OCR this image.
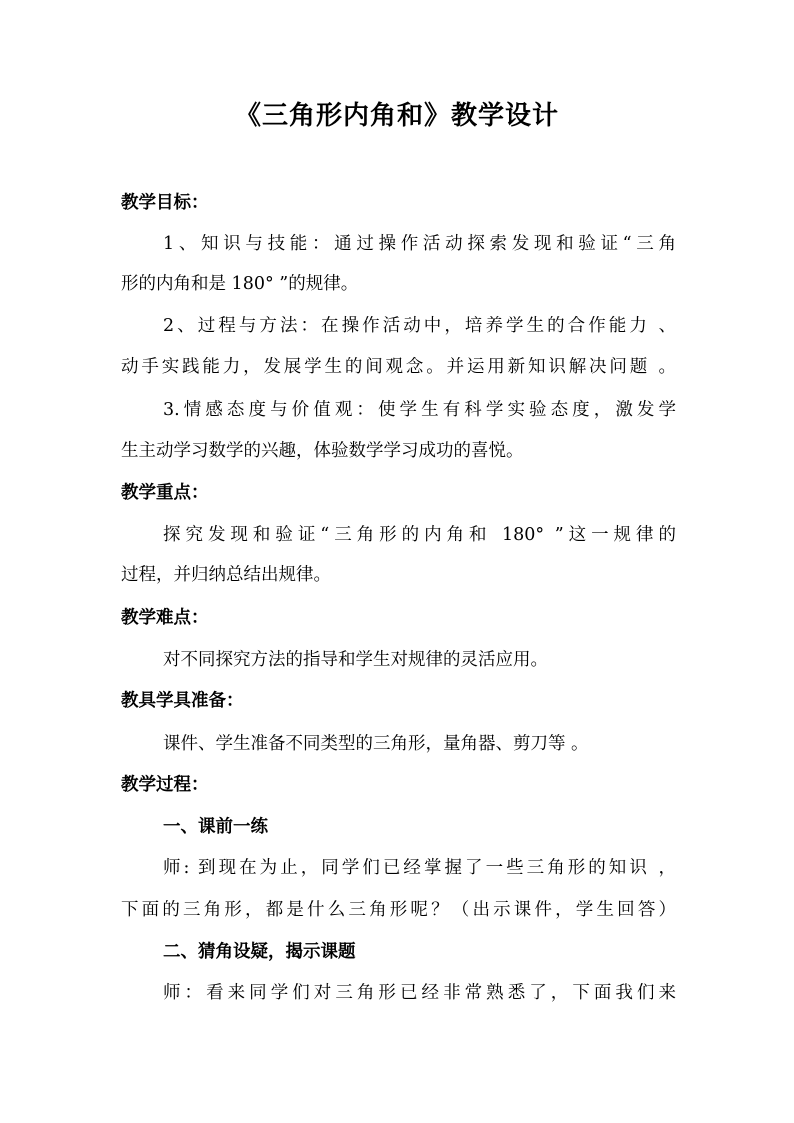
《三角形内角和》教学设计
教学目标：
1、知识与技能：通过操作活动探索发现和验证“三角
形的内角和是 180° ”的规律。
2、过程与方法：在操作活动中，培养学生的合作能力 、
动手实践能力，发展学生的间观念。并运用新知识解决问题 。
3.情感态度与价值观：使学生有科学实验态度，激发学
生主动学习数学的兴趣，体验数学学习成功的喜悦。
教学重点：
探究发现和验证“三角形的内角和 180° ”这一规律的
过程，并归纳总结出规律。
教学难点：
对不同探究方法的指导和学生对规律的灵活应用。
教具学具准备：
课件、学生准备不同类型的三角形，量角器、剪刀等 。
教学过程：
一、课前一练
师: 到现在为止，同学们已经掌握了一些三角形的知识 ，
下面的三角形，都是什么三角形呢？（出示课件，学生回答）
二、猜角设疑，揭示课题
师：看来同学们对三角形已经非常熟悉了，下面我们来
